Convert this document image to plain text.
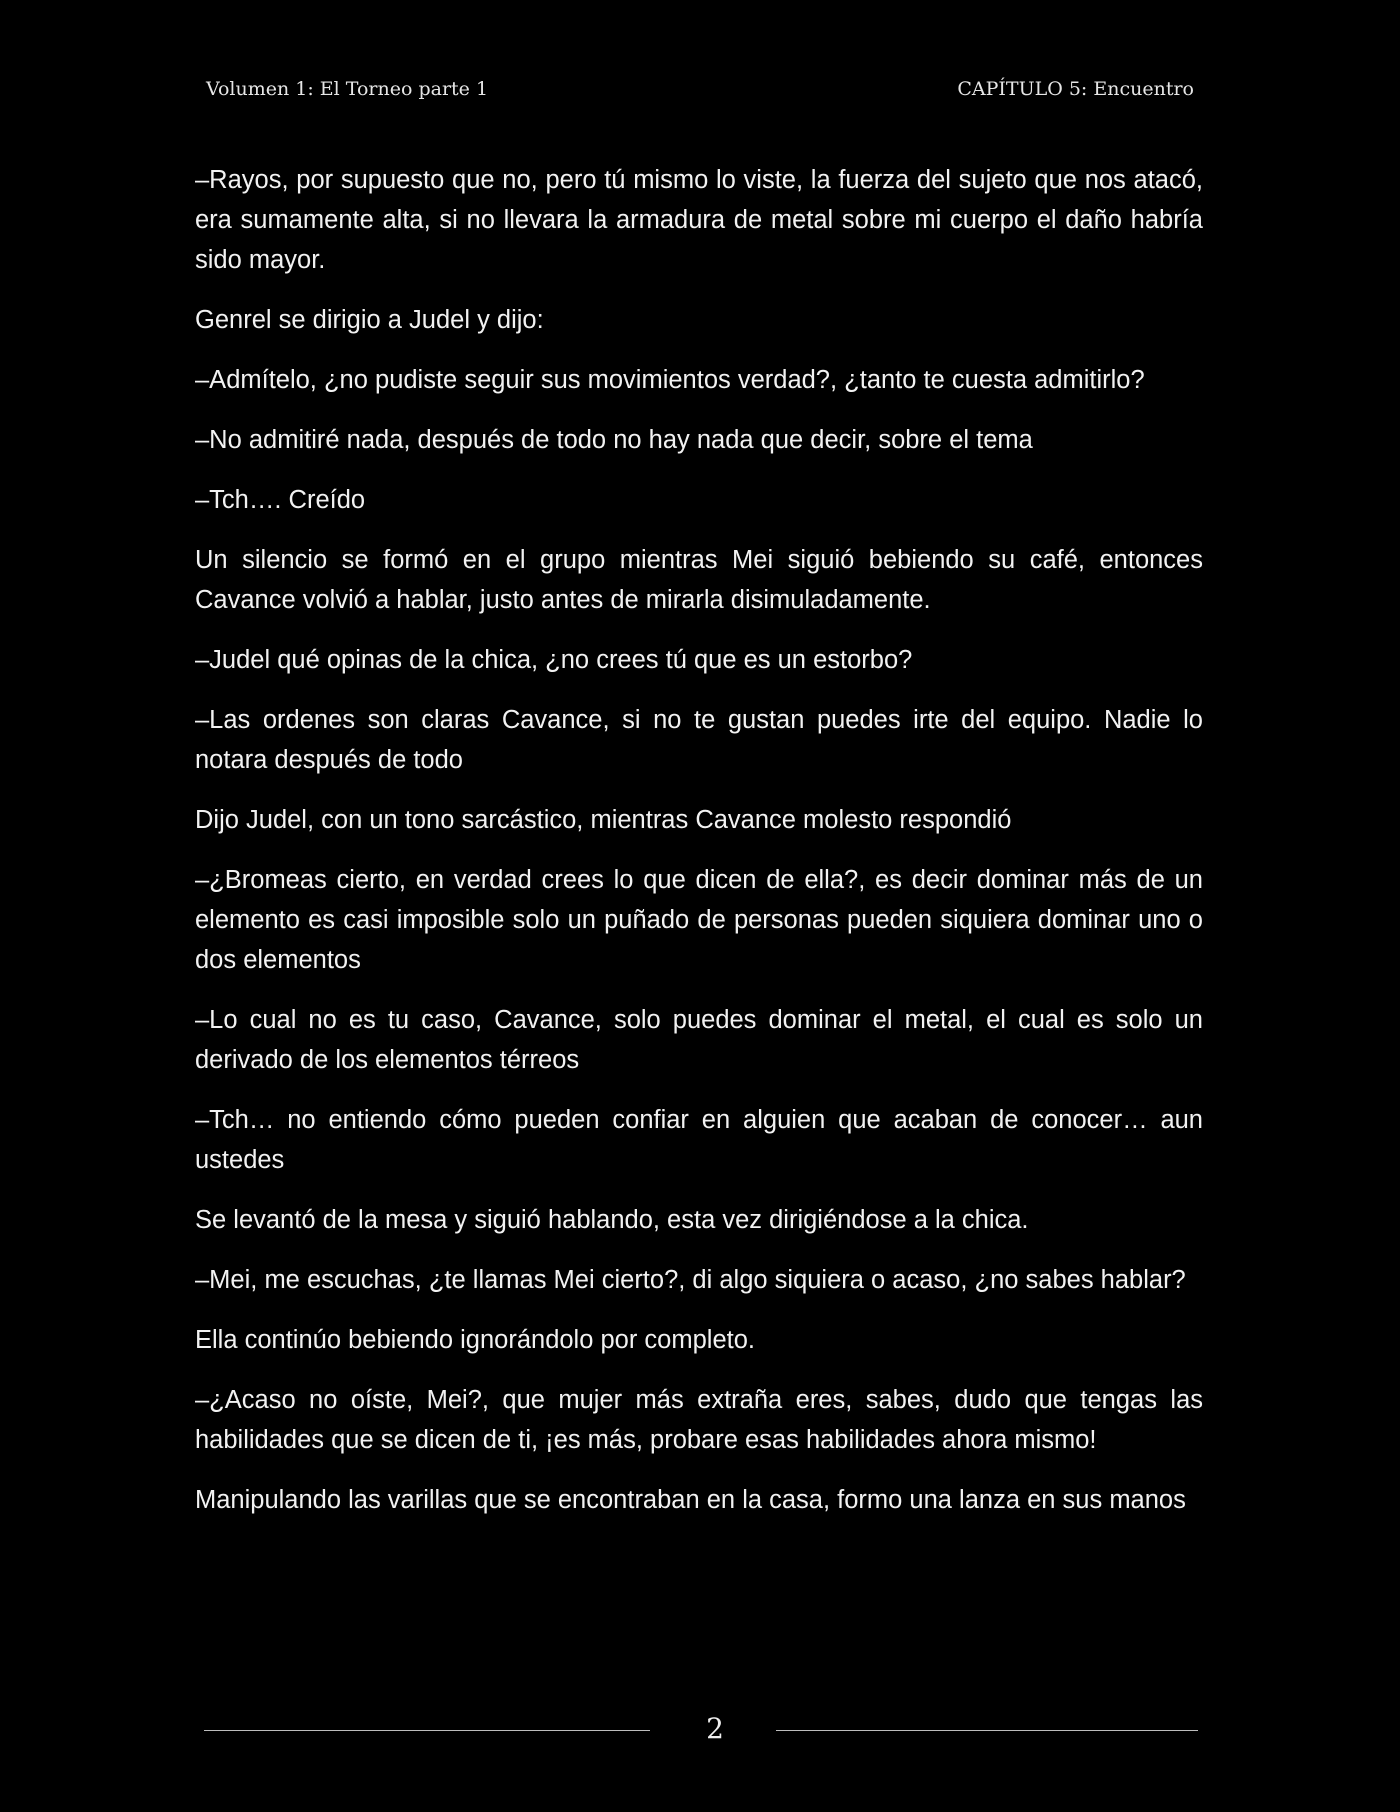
Volumen 1: El Torneo parte 1	CAPÍTULO 5: Encuentro

–Rayos, por supuesto que no, pero tú mismo lo viste, la fuerza del sujeto que nos atacó, era sumamente alta, si no llevara la armadura de metal sobre mi cuerpo el daño habría sido mayor.

Genrel se dirigio a Judel y dijo:

–Admítelo, ¿no pudiste seguir sus movimientos verdad?, ¿tanto te cuesta admitirlo?

–No admitiré nada, después de todo no hay nada que decir, sobre el tema

–Tch…. Creído

Un silencio se formó en el grupo mientras Mei siguió bebiendo su café, entonces Cavance volvió a hablar, justo antes de mirarla disimuladamente.

–Judel qué opinas de la chica, ¿no crees tú que es un estorbo?

–Las ordenes son claras Cavance, si no te gustan puedes irte del equipo. Nadie lo notara después de todo

Dijo Judel, con un tono sarcástico, mientras Cavance molesto respondió

–¿Bromeas cierto, en verdad crees lo que dicen de ella?, es decir dominar más de un elemento es casi imposible solo un puñado de personas pueden siquiera dominar uno o dos elementos

–Lo cual no es tu caso, Cavance, solo puedes dominar el metal, el cual es solo un derivado de los elementos térreos

–Tch… no entiendo cómo pueden confiar en alguien que acaban de conocer… aun ustedes

Se levantó de la mesa y siguió hablando, esta vez dirigiéndose a la chica.

–Mei, me escuchas, ¿te llamas Mei cierto?, di algo siquiera o acaso, ¿no sabes hablar?

Ella continúo bebiendo ignorándolo por completo.

–¿Acaso no oíste, Mei?, que mujer más extraña eres, sabes, dudo que tengas las habilidades que se dicen de ti, ¡es más, probare esas habilidades ahora mismo!

Manipulando las varillas que se encontraban en la casa, formo una lanza en sus manos

2
